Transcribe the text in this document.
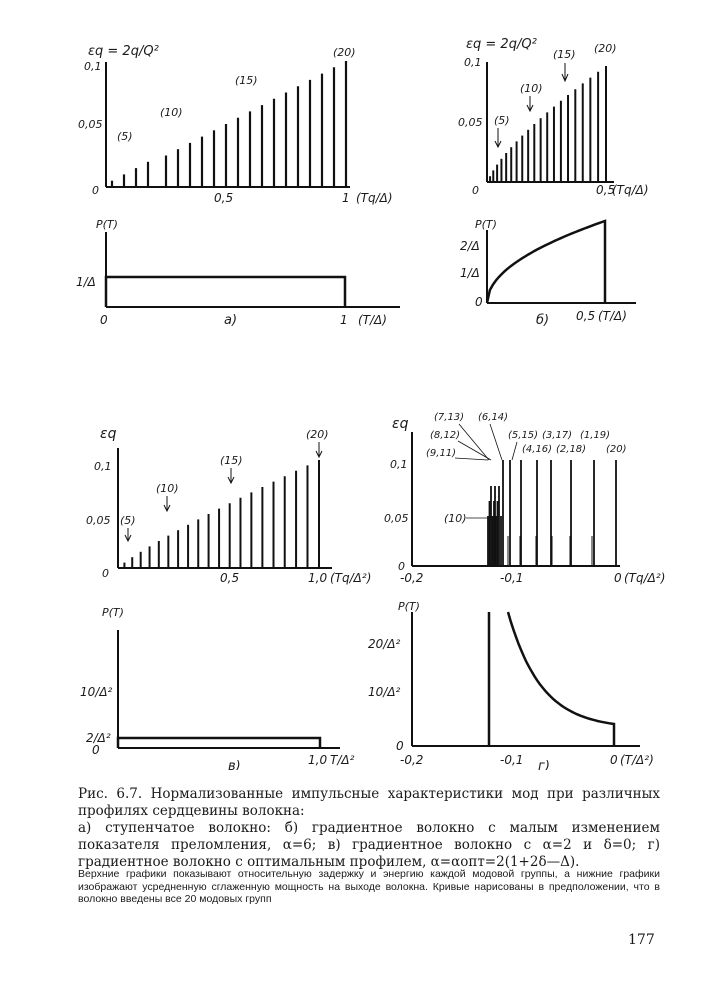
εq = 2q/Q²
0,1
0,05
0
0,5	1 (Tq/Δ)
(5)
(10)
(15)
(20)
P(T)
1/Δ
0	1 (T/Δ)
а)
εq = 2q/Q²
0,1
0,05
0	0,5
(Tq/Δ)
(5)
(10)
(15) (20)
P(T)
2/Δ
1/Δ
0
0,5 (T/Δ)
б)
εq
0,1
0,05
0	0,5	1,0 (Tq/Δ²)
(5)
(10)
(15)
(20)
P(T)
10/Δ²
2/Δ²
0
1,0 T/Δ²
в)
εq
0,1
0,05
0
-0,2	-0,1	0 (Tq/Δ²)
(7,13) (6,14)
(8,12)	(5,15) (3,17) (1,19)
(9,11)	(4,16) (2,18) (20)
(10)
P(T)
20/Δ²
10/Δ²
0
-0,2	-0,1	0 (T/Δ²)
г)

Рис. 6.7. Нормализованные импульсные характеристики мод при различных профилях сердцевины волокна:

а) ступенчатое волокно: б) градиентное волокно с малым изменением показателя преломления, α=6; в) градиентное волокно с α=2 и δ=0; г) градиентное волокно с оптимальным профилем, α=αопт=2(1+2δ—Δ).

Верхние графики показывают относительную задержку и энергию каждой модовой группы, а нижние графики изображают усредненную сглаженную мощность на выходе волокна. Кривые нарисованы в предположении, что в волокно введены все 20 модовых групп

177
